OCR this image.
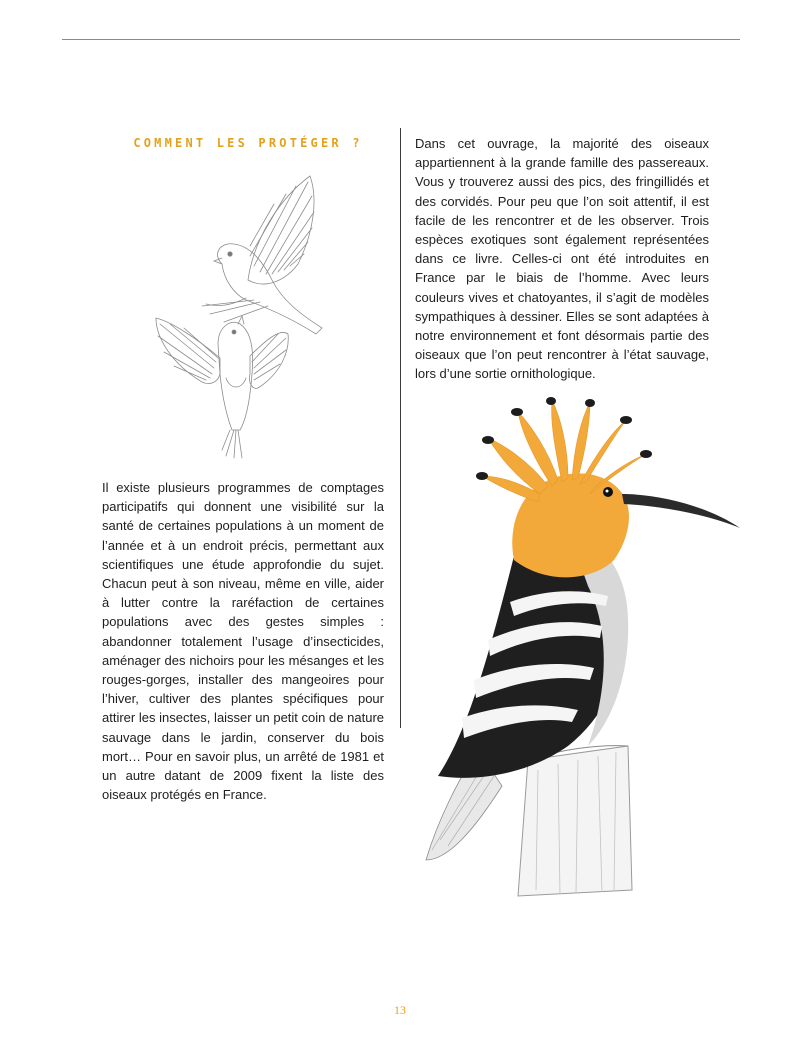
COMMENT LES PROTÉGER ?

Il existe plusieurs programmes de comptages participatifs qui donnent une visibilité sur la santé de certaines populations à un moment de l’année et à un endroit précis, permettant aux scientifiques une étude approfondie du sujet. Chacun peut à son niveau, même en ville, aider à lutter contre la raréfaction de certaines populations avec des gestes simples : abandonner totalement l’usage d’insecticides, aménager des nichoirs pour les mésanges et les rouges-gorges, installer des mangeoires pour l’hiver, cultiver des plantes spécifiques pour attirer les insectes, laisser un petit coin de nature sauvage dans le jardin, conserver du bois mort… Pour en savoir plus, un arrêté de 1981 et un autre datant de 2009 fixent la liste des oiseaux protégés en France.

Dans cet ouvrage, la majorité des oiseaux appartiennent à la grande famille des passereaux. Vous y trouverez aussi des pics, des fringillidés et des corvidés. Pour peu que l’on soit attentif, il est facile de les rencontrer et de les observer. Trois espèces exotiques sont également représentées dans ce livre. Celles-ci ont été introduites en France par le biais de l’homme. Avec leurs couleurs vives et chatoyantes, il s’agit de modèles sympathiques à dessiner. Elles se sont adaptées à notre environnement et font désormais partie des oiseaux que l’on peut rencontrer à l’état sauvage, lors d’une sortie ornithologique.

13
